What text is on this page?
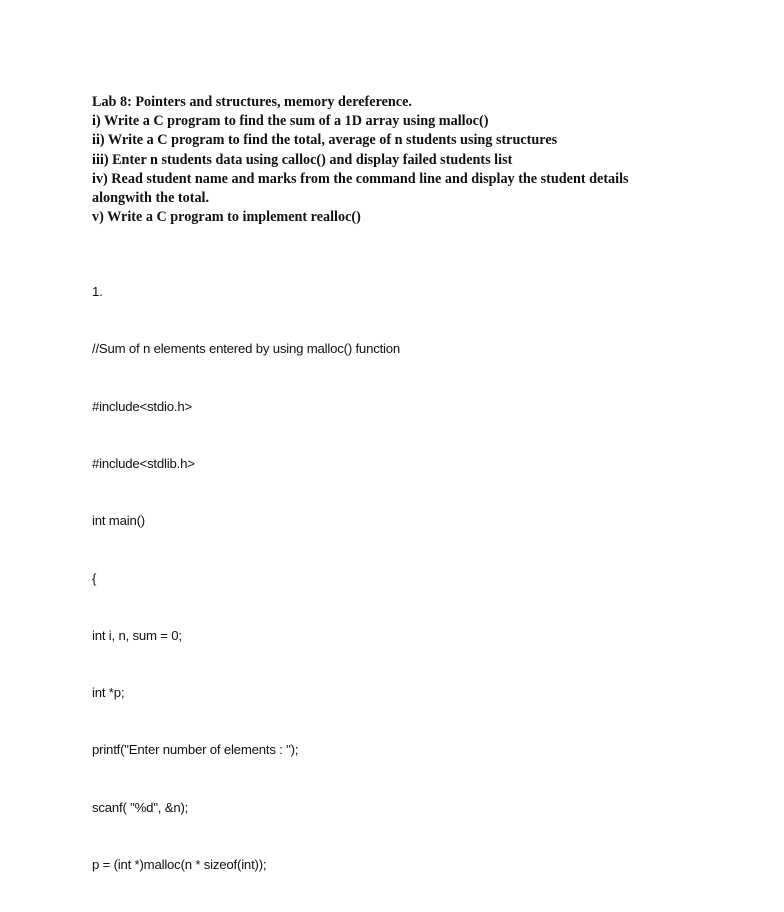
Lab 8: Pointers and structures, memory dereference.
i) Write a C program to find the sum of a 1D array using malloc()
ii) Write a C program to find the total, average of n students using structures
iii) Enter n students data using calloc() and display failed students list
iv) Read student name and marks from the command line and display the student details
alongwith the total.
v) Write a C program to implement realloc()

1.

//Sum of n elements entered by using malloc() function

#include<stdio.h>

#include<stdlib.h>

int main()

{

int i, n, sum = 0;

int *p;

printf("Enter number of elements : ");

scanf( "%d", &n);

p = (int *)malloc(n * sizeof(int));
